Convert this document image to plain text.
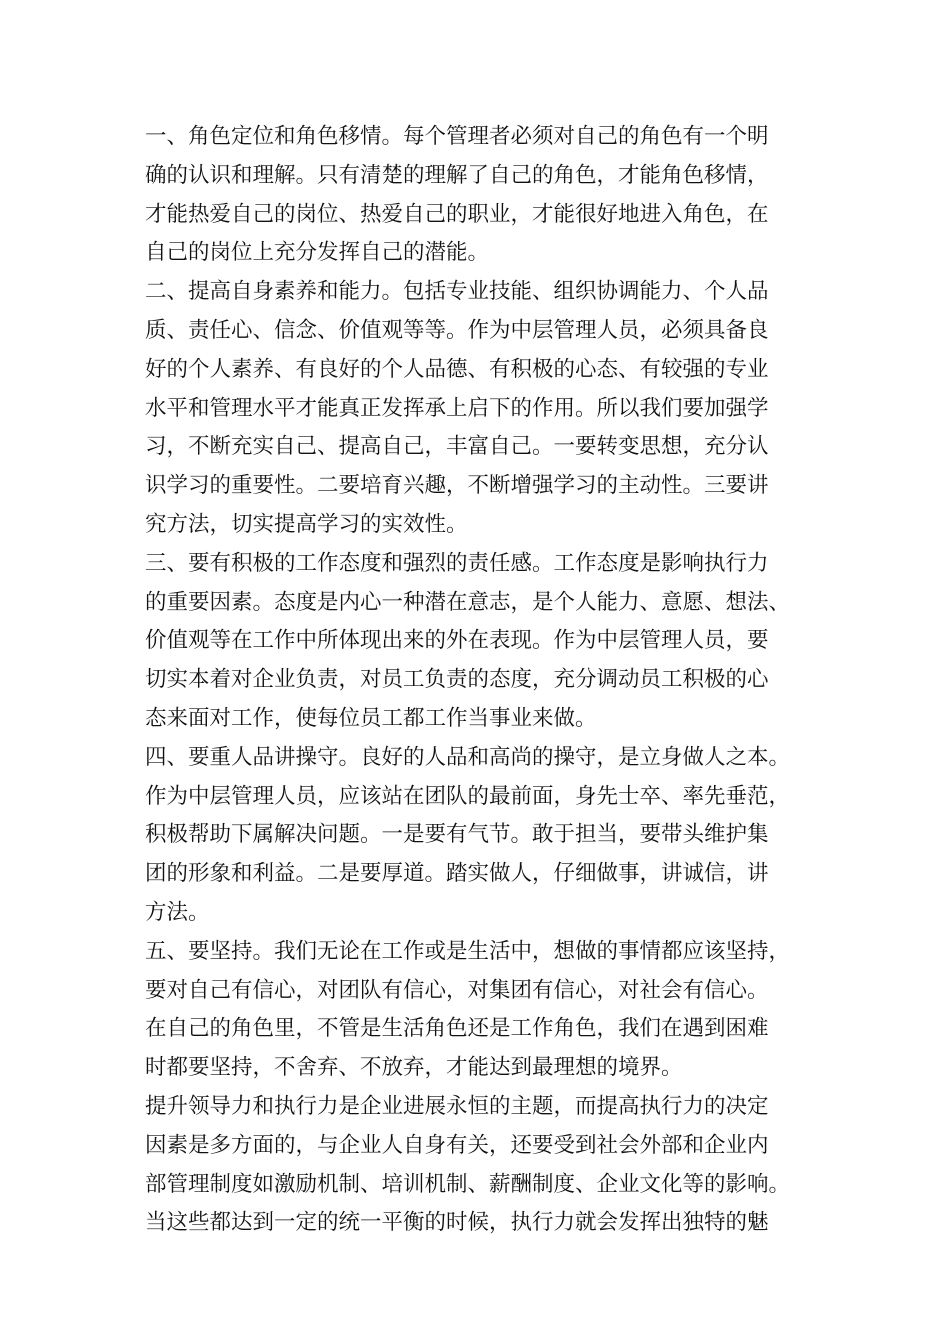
一、角色定位和角色移情。每个管理者必须对自己的角色有一个明
确的认识和理解。只有清楚的理解了自己的角色，才能角色移情，
才能热爱自己的岗位、热爱自己的职业，才能很好地进入角色，在
自己的岗位上充分发挥自己的潜能。
二、提高自身素养和能力。包括专业技能、组织协调能力、个人品
质、责任心、信念、价值观等等。作为中层管理人员，必须具备良
好的个人素养、有良好的个人品德、有积极的心态、有较强的专业
水平和管理水平才能真正发挥承上启下的作用。所以我们要加强学
习，不断充实自己、提高自己，丰富自己。一要转变思想，充分认
识学习的重要性。二要培育兴趣，不断增强学习的主动性。三要讲
究方法，切实提高学习的实效性。
三、要有积极的工作态度和强烈的责任感。工作态度是影响执行力
的重要因素。态度是内心一种潜在意志，是个人能力、意愿、想法、
价值观等在工作中所体现出来的外在表现。作为中层管理人员，要
切实本着对企业负责，对员工负责的态度，充分调动员工积极的心
态来面对工作，使每位员工都工作当事业来做。
四、要重人品讲操守。良好的人品和高尚的操守，是立身做人之本。
作为中层管理人员，应该站在团队的最前面，身先士卒、率先垂范，
积极帮助下属解决问题。一是要有气节。敢于担当，要带头维护集
团的形象和利益。二是要厚道。踏实做人，仔细做事，讲诚信，讲
方法。
五、要坚持。我们无论在工作或是生活中，想做的事情都应该坚持，
要对自己有信心，对团队有信心，对集团有信心，对社会有信心。
在自己的角色里，不管是生活角色还是工作角色，我们在遇到困难
时都要坚持，不舍弃、不放弃，才能达到最理想的境界。
提升领导力和执行力是企业进展永恒的主题，而提高执行力的决定
因素是多方面的，与企业人自身有关，还要受到社会外部和企业内
部管理制度如激励机制、培训机制、薪酬制度、企业文化等的影响。
当这些都达到一定的统一平衡的时候，执行力就会发挥出独特的魅
